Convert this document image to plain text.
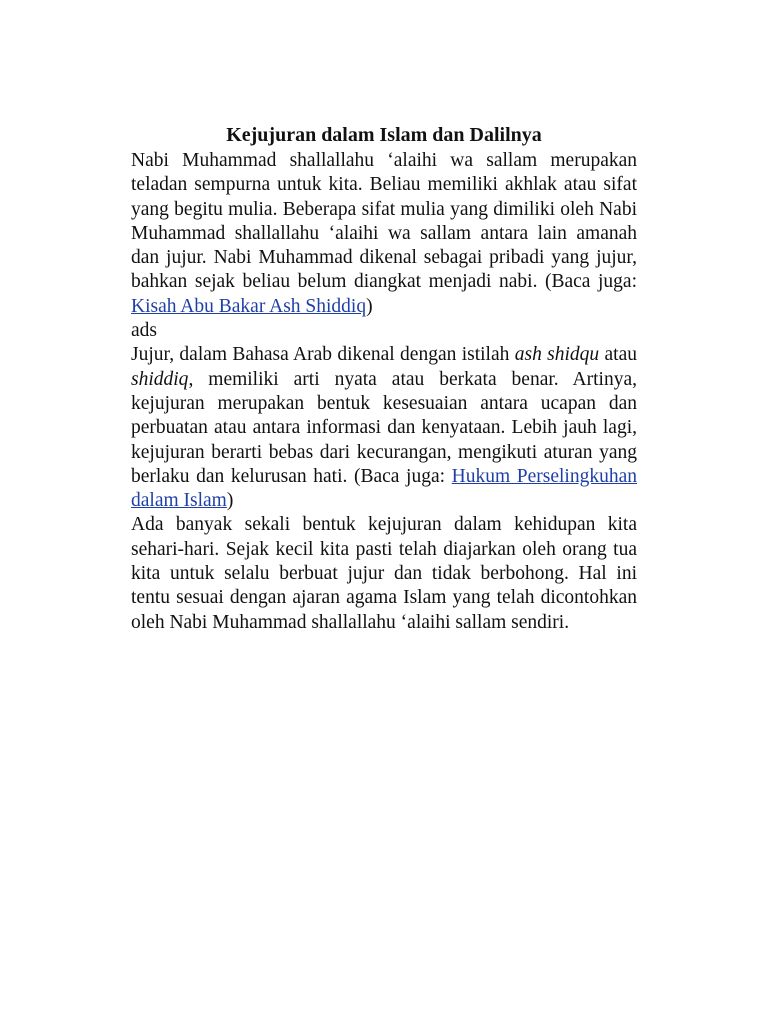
Kejujuran dalam Islam dan Dalilnya

Nabi Muhammad shallallahu ‘alaihi wa sallam merupakan teladan sempurna untuk kita. Beliau memiliki akhlak atau sifat yang begitu mulia. Beberapa sifat mulia yang dimiliki oleh Nabi Muhammad shallallahu ‘alaihi wa sallam antara lain amanah dan jujur. Nabi Muhammad dikenal sebagai pribadi yang jujur, bahkan sejak beliau belum diangkat menjadi nabi. (Baca juga: Kisah Abu Bakar Ash Shiddiq)

ads

Jujur, dalam Bahasa Arab dikenal dengan istilah ash shidqu atau shiddiq, memiliki arti nyata atau berkata benar. Artinya, kejujuran merupakan bentuk kesesuaian antara ucapan dan perbuatan atau antara informasi dan kenyataan. Lebih jauh lagi, kejujuran berarti bebas dari kecurangan, mengikuti aturan yang berlaku dan kelurusan hati. (Baca juga: Hukum Perselingkuhan dalam Islam)

Ada banyak sekali bentuk kejujuran dalam kehidupan kita sehari-hari. Sejak kecil kita pasti telah diajarkan oleh orang tua kita untuk selalu berbuat jujur dan tidak berbohong. Hal ini tentu sesuai dengan ajaran agama Islam yang telah dicontohkan oleh Nabi Muhammad shallallahu ‘alaihi sallam sendiri.
